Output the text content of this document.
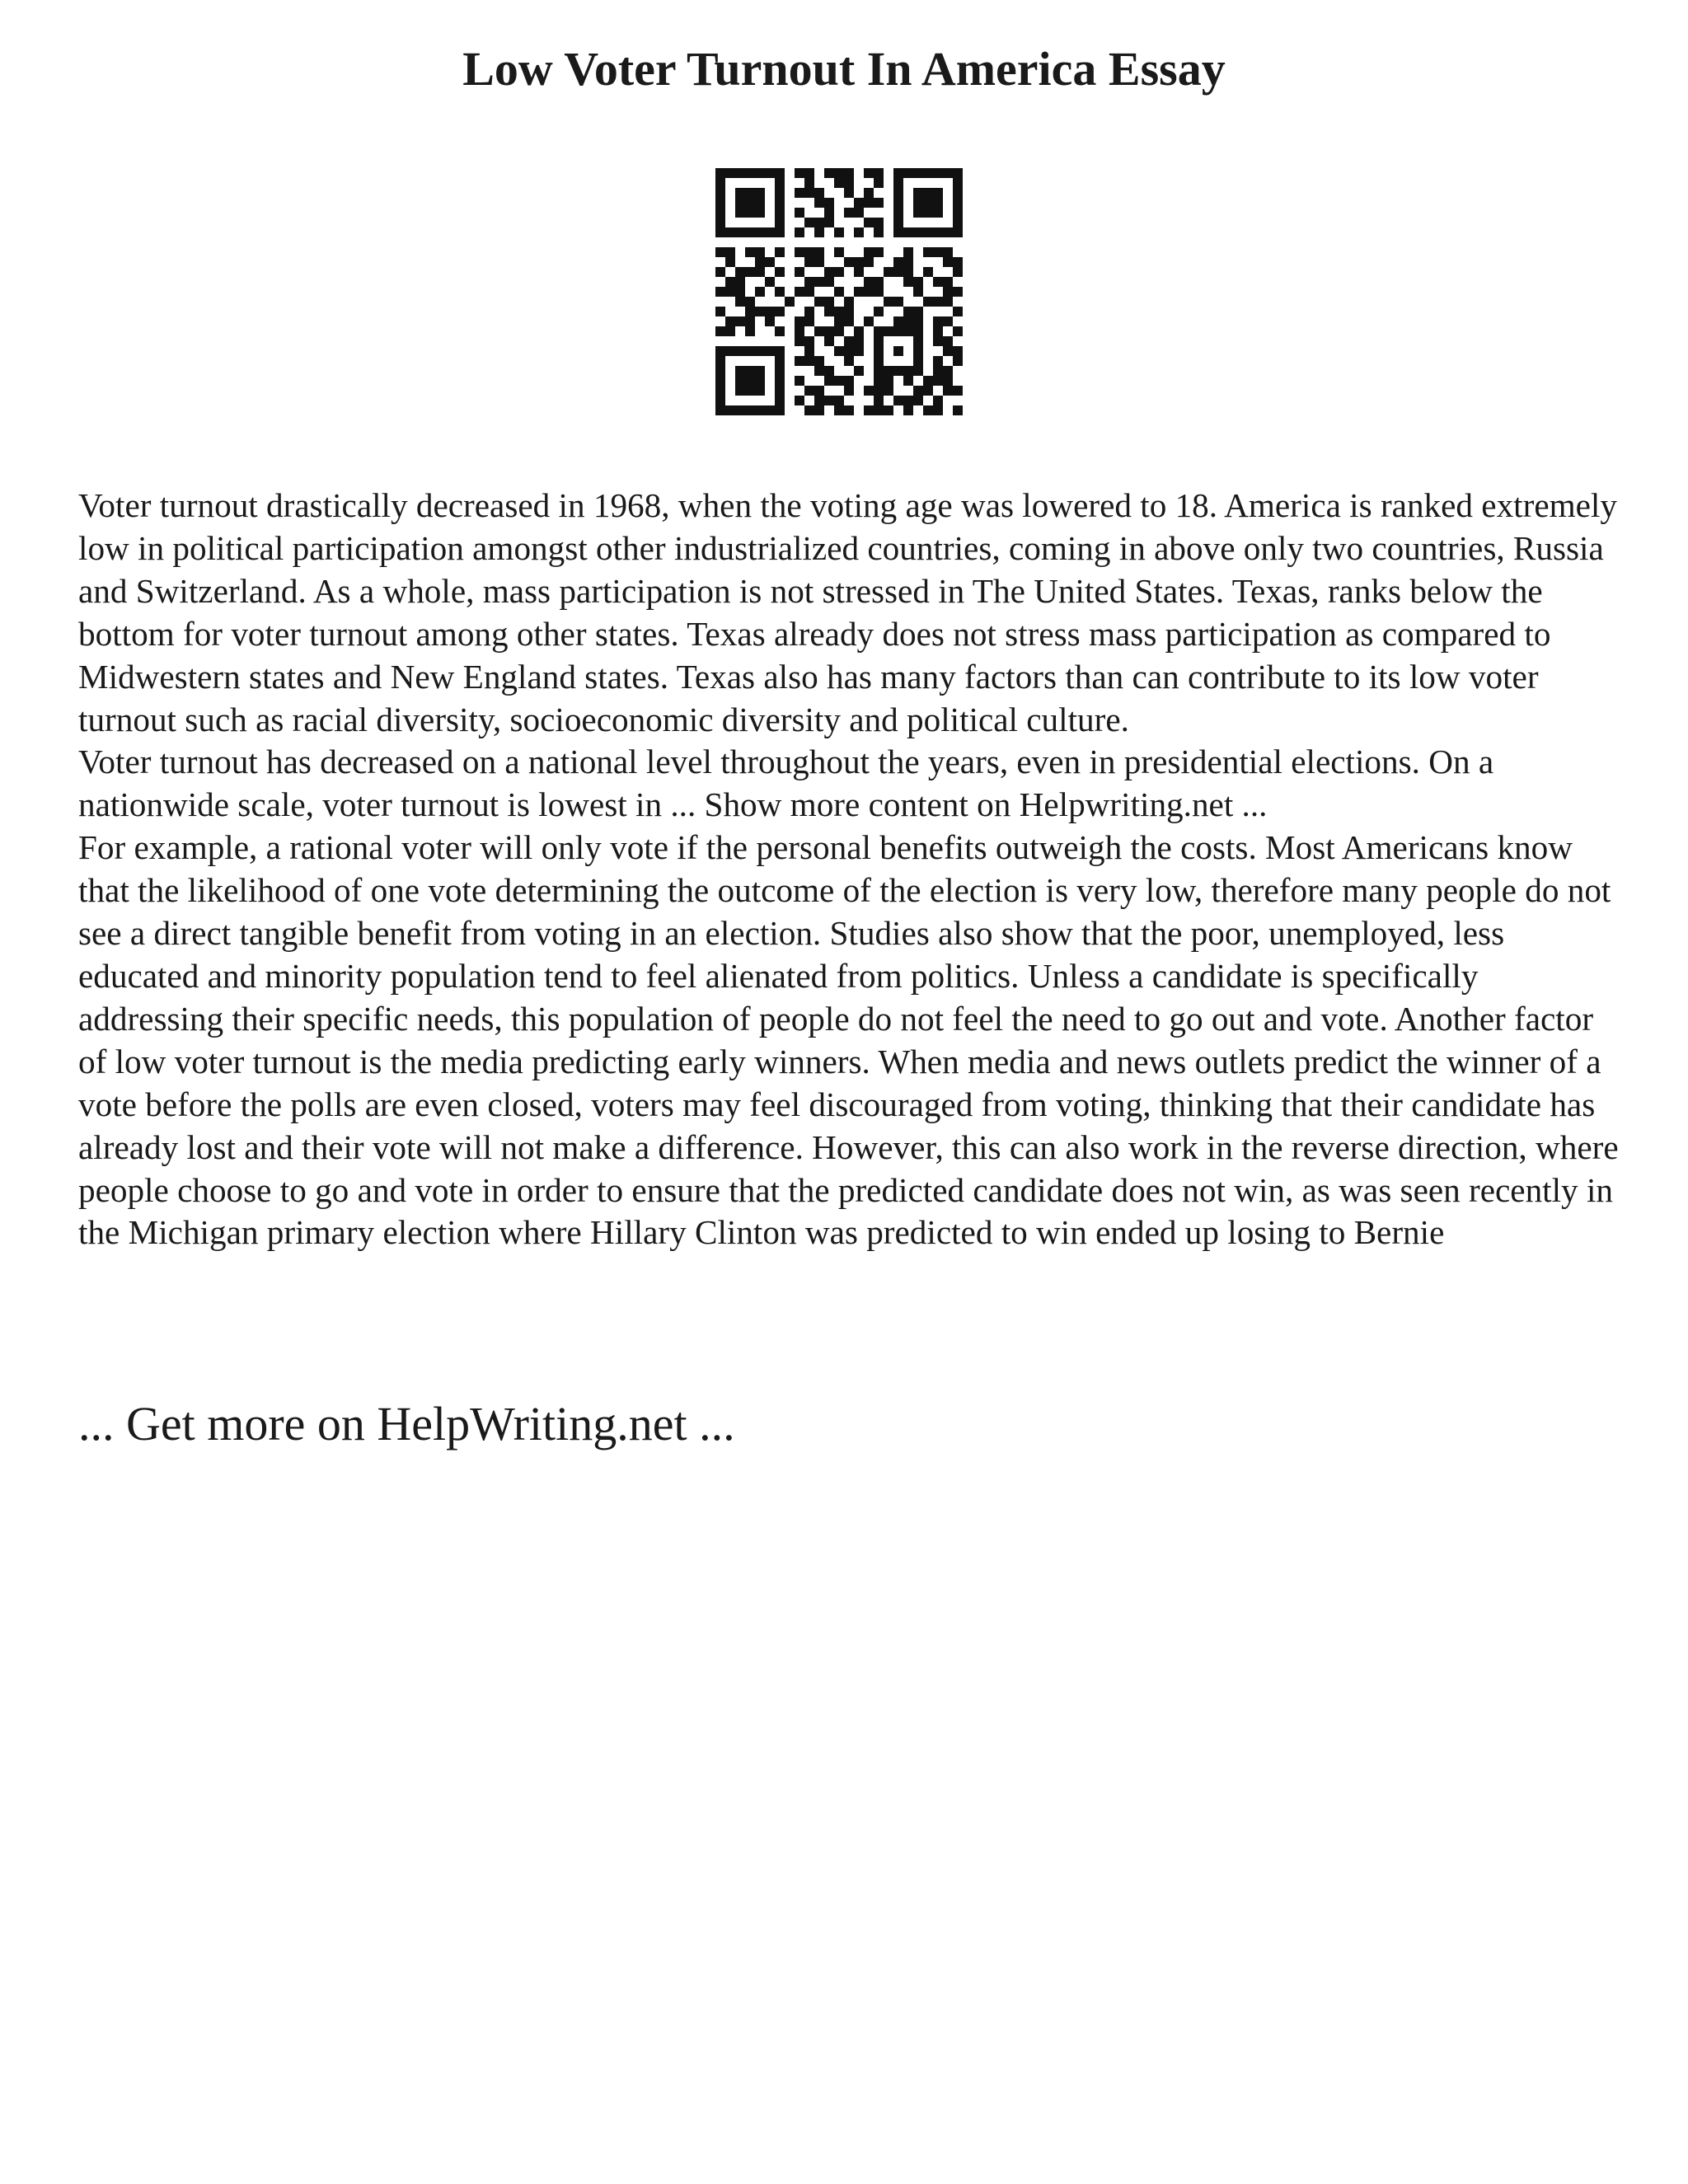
Low Voter Turnout In America Essay

Voter turnout drastically decreased in 1968, when the voting age was lowered to 18. America is ranked extremely low in political participation amongst other industrialized countries, coming in above only two countries, Russia and Switzerland. As a whole, mass participation is not stressed in The United States. Texas, ranks below the bottom for voter turnout among other states. Texas already does not stress mass participation as compared to Midwestern states and New England states. Texas also has many factors than can contribute to its low voter turnout such as racial diversity, socioeconomic diversity and political culture.

Voter turnout has decreased on a national level throughout the years, even in presidential elections. On a nationwide scale, voter turnout is lowest in ... Show more content on Helpwriting.net ...

For example, a rational voter will only vote if the personal benefits outweigh the costs. Most Americans know that the likelihood of one vote determining the outcome of the election is very low, therefore many people do not see a direct tangible benefit from voting in an election. Studies also show that the poor, unemployed, less educated and minority population tend to feel alienated from politics. Unless a candidate is specifically addressing their specific needs, this population of people do not feel the need to go out and vote. Another factor of low voter turnout is the media predicting early winners. When media and news outlets predict the winner of a vote before the polls are even closed, voters may feel discouraged from voting, thinking that their candidate has already lost and their vote will not make a difference. However, this can also work in the reverse direction, where people choose to go and vote in order to ensure that the predicted candidate does not win, as was seen recently in the Michigan primary election where Hillary Clinton was predicted to win ended up losing to Bernie

... Get more on HelpWriting.net ...
